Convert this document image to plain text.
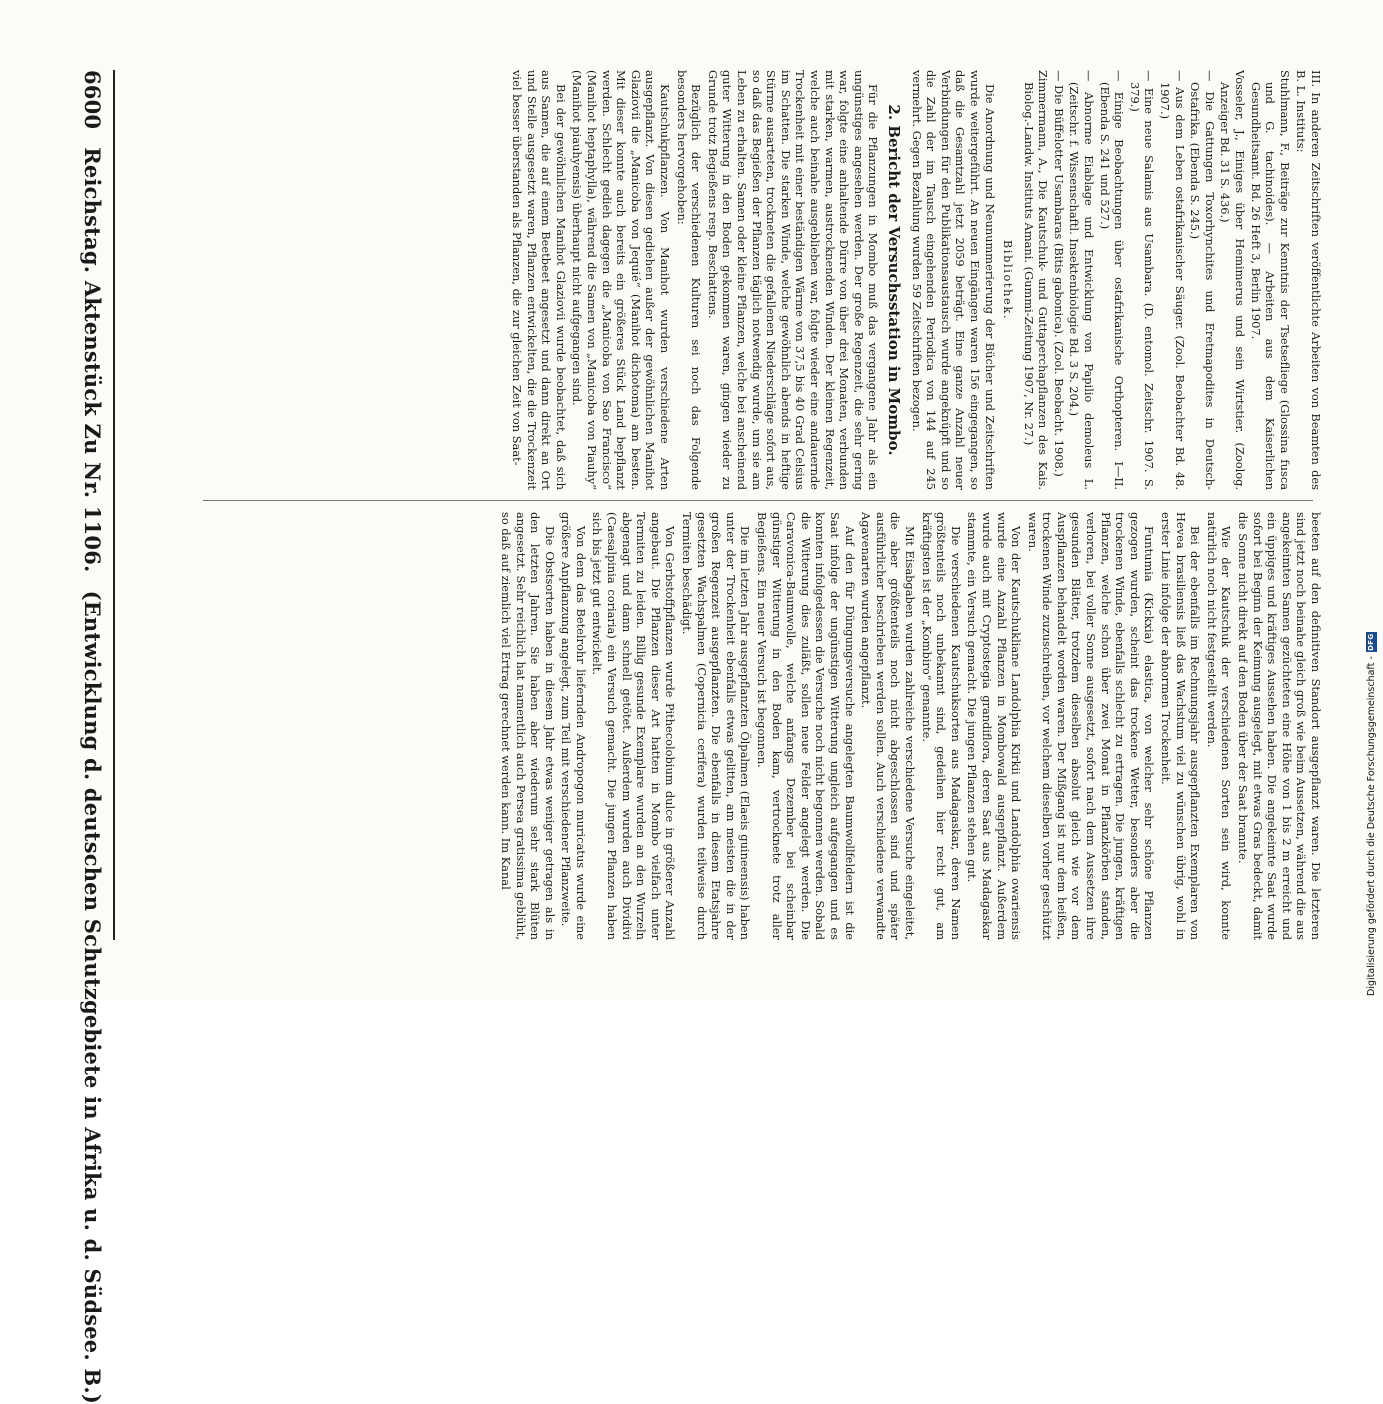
6600
Reichstag. Aktenstück Zu Nr. 1106.
(Entwicklung d. deutschen Schutzgebiete in Afrika u. d. Südsee. B.)

III. In anderen Zeitschriften veröffentlichte Arbeiten von Beamten des B. L. Instituts:

Stuhlmann, F., Beiträge zur Kenntnis der Tsetsefliege (Glossina fusca und G. tachinoides). — Arbeiten aus dem Kaiserlichen Gesundheitsamt. Bd. 26 Heft 3, Berlin 1907.
Vosseler, J., Einiges über Hemimerus und sein Wirtstier. (Zoolog. Anzeiger Bd. 31 S. 436.)
— Die Gattungen Toxorhynchites und Eretmapodites in Deutsch-Ostafrika. (Ebenda S. 245.)
— Aus dem Leben ostafrikanischer Säuger. (Zool. Beobachter Bd. 48. 1907.)
— Eine neue Salamis aus Usambara. (D. entomol. Zeitschr. 1907. S. 379.)
— Einige Beobachtungen über ostafrikanische Orthopteren. I—II. (Ebenda S. 241 und 527.)
— Abnorme Eiablage und Entwicklung von Papilio demoleus L. (Zeitschr. f. Wissenschaftl. Insektenbiologie Bd. 3 S. 204.)
— Die Büffelotter Usambaras (Bitis gabonica). (Zool. Beobacht. 1908.)
Zimmermann, A., Die Kautschuk- und Guttaperchapflanzen des Kais. Biolog.-Landw. Instituts Amani. (Gummi-Zeitung 1907, Nr. 27.)

Bibliothek.

Die Anordnung und Neunummerierung der Bücher und Zeitschriften wurde weitergeführt. An neuen Eingängen waren 156 eingegangen, so daß die Gesamtzahl jetzt 2059 beträgt. Eine ganze Anzahl neuer Verbindungen für den Publikationsaustausch wurde angeknüpft und so die Zahl der im Tausch eingehenden Periodica von 144 auf 245 vermehrt. Gegen Bezahlung wurden 59 Zeitschriften bezogen.

2. Bericht der Versuchsstation in Mombo.

Für die Pflanzungen in Mombo muß das vergangene Jahr als ein ungünstiges angesehen werden. Der große Regenzeit, die sehr gering war, folgte eine anhaltende Dürre von über drei Monaten, verbunden mit starken, warmen, austrocknenden Winden. Der kleinen Regenzeit, welche auch beinahe ausgeblieben war, folgte wieder eine andauernde Trockenheit mit einer beständigen Wärme von 37,5 bis 40 Grad Celsius im Schatten. Die starken Winde, welche gewöhnlich abends in heftige Stürme ausarteten, trockneten die gefallenen Niederschläge sofort aus, so daß das Begießen der Pflanzen täglich notwendig wurde, um sie am Leben zu erhalten. Samen oder kleine Pflanzen, welche bei anscheinend guter Witterung in den Boden gekommen waren, gingen wieder zu Grunde trotz Begießens resp. Beschattens.

Bezüglich der verschiedenen Kulturen sei noch das Folgende besonders hervorgehoben:

Kautschukpflanzen. Von Manihot wurden verschiedene Arten ausgepflanzt. Von diesen gediehen außer der gewöhnlichen Manihot Glaziovii die „Manicoba von Jequié“ (Manihot dichotoma) am besten. Mit dieser konnte auch bereits ein größeres Stück Land bepflanzt werden. Schlecht gedieh dagegen die „Manicoba von Sao Francisco“ (Manihot heptaphylla), während die Samen von „Manicoba von Piauhy“ (Manihot piauhyensis) überhaupt nicht aufgegangen sind.

Bei der gewöhnlichen Manihot Glaziovii wurde beobachtet, daß sich aus Samen, die auf einem Beetbeet angesetzt und dann direkt an Ort und Stelle ausgesetzt waren, Pflanzen entwickelten, die die Trockenzeit viel besser überstanden als Pflanzen, die zur gleichen Zeit von Saat-

beeten auf den definitiven Standort ausgepflanzt waren. Die letzteren sind jetzt noch beinahe gleich groß wie beim Aussetzen, während die aus angekeimten Samen gezüchteten eine Höhe von 1 bis 2 m erreicht und ein üppiges und kräftiges Aussehen haben. Die angekeimte Saat wurde sofort bei Beginn der Keimung ausgelegt, mit etwas Gras bedeckt, damit die Sonne nicht direkt auf den Boden über der Saat brannte.

Wie der Kautschuk der verschiedenen Sorten sein wird, konnte natürlich noch nicht festgestellt werden.

Bei der ebenfalls im Rechnungsjahr ausgepflanzten Exemplaren von Hevea brasiliensis ließ das Wachstum viel zu wünschen übrig, wohl in erster Linie infolge der abnormen Trockenheit.

Funtumia (Kickxia) elastica, von welcher sehr schöne Pflanzen gezogen wurden, scheint das trockene Wetter, besonders aber die trockenen Winde, ebenfalls schlecht zu ertragen. Die jungen, kräftigen Pflanzen, welche schon über zwei Monat in Pflanzkörben standen, verloren, bei voller Sonne ausgesetzt, sofort nach dem Aussetzen ihre gesunden Blätter, trotzdem dieselben absolut gleich wie vor dem Auspflanzen behandelt worden waren. Der Mißgang ist nur dem heißen, trockenen Winde zuzuschreiben, vor welchem dieselben vorher geschützt waren.

Von der Kautschukliane Landolphia Kirkii und Landolphia owariensis wurde eine Anzahl Pflanzen in Mombowald ausgepflanzt. Außerdem wurde auch mit Cryptostegia grandiflora, deren Saat aus Madagaskar stammte, ein Versuch gemacht. Die jungen Pflanzen stehen gut.

Die verschiedenen Kautschuksorten aus Madagaskar, deren Namen größtenteils noch unbekannt sind, gedeihen hier recht gut, am kräftigsten ist der „Kombiro“ genannte.

Mit Eisabgaben wurden zahlreiche verschiedene Versuche eingeleitet, die aber größtenteils noch nicht abgeschlossen sind und später ausführlicher beschrieben werden sollen. Auch verschiedene verwandte Agavenarten wurden angepflanzt.

Auf den für Düngungsversuche angelegten Baumwollfeldern ist die Saat infolge der ungünstigen Witterung ungleich aufgegangen und es konnten infolgedessen die Versuche noch nicht begonnen werden. Sobald die Witterung dies zuläßt, sollen neue Felder angelegt werden. Die Caravonica-Baumwolle, welche anfangs Dezember bei scheinbar günstiger Witterung in den Boden kam, vertrocknete trotz aller Begießens. Ein neuer Versuch ist begonnen.

Die im letzten Jahr ausgepflanzten Ölpalmen (Elaeis guineensis) haben unter der Trockenheit ebenfalls etwas gelitten, am meisten die in der großen Regenzeit ausgepflanzten. Die ebenfalls in diesem Etatsjahre gesetzten Wachspalmen (Copernicia cerifera) wurden teilweise durch Termiten beschädigt.

Von Gerbstoffpflanzen wurde Pithecolobium dulce in größerer Anzahl angebaut. Die Pflanzen dieser Art hatten in Mombo vielfach unter Termiten zu leiden. Billig gesunde Exemplare wurden an den Wurzeln abgenagt und dann schnell getötet. Außerdem wurden auch Dividivi (Caesalpinia coriaria) ein Versuch gemacht. Die jungen Pflanzen haben sich bis jetzt gut entwickelt.

Von dem das Betelrohr liefernden Andropogon muricatus wurde eine größere Anpflanzung angelegt, zum Teil mit verschiedener Pflanzweite.

Die Obstsorten haben in diesem Jahr etwas weniger getragen als in den letzten Jahren. Sie haben aber wiederum sehr stark Blüten angesetzt. Sehr reichlich hat namentlich auch Persea gratissima geblüht, so daß auf ziemlich viel Ertrag gerechnet werden kann. Im Kanal	Digitalisierung gefördert durch die Deutsche Forschungsgemeinschaft -
DFG
